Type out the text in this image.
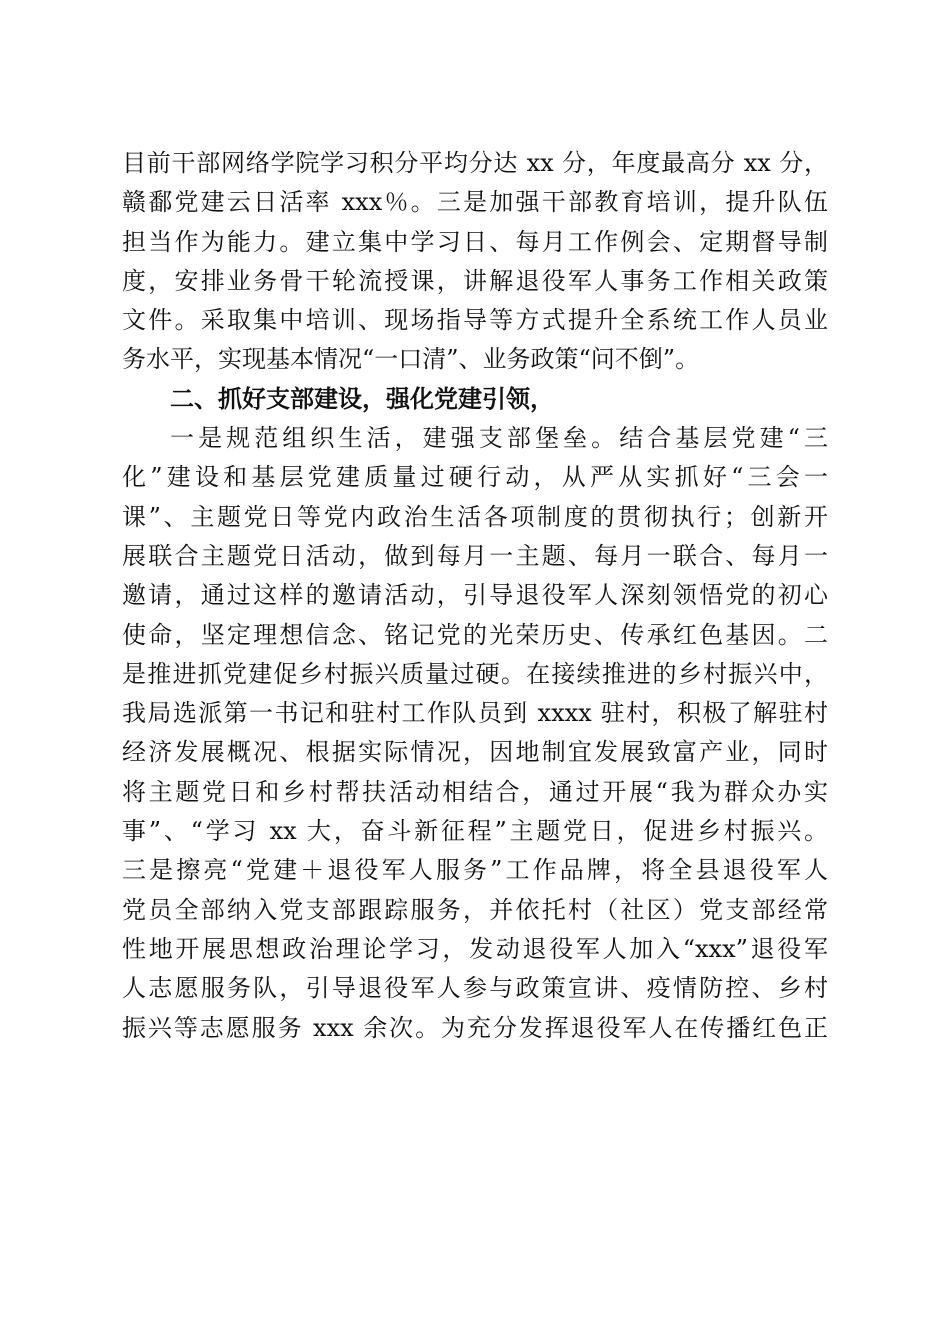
目前干部网络学院学习积分平均分达 xx 分，年度最高分 xx 分，
赣鄱党建云日活率 xxx％。三是加强干部教育培训，提升队伍
担当作为能力。建立集中学习日、每月工作例会、定期督导制
度，安排业务骨干轮流授课，讲解退役军人事务工作相关政策
文件。采取集中培训、现场指导等方式提升全系统工作人员业
务水平，实现基本情况“一口清”、业务政策“问不倒”。
二、抓好支部建设，强化党建引领，
一是规范组织生活，建强支部堡垒。结合基层党建“三
化”建设和基层党建质量过硬行动，从严从实抓好“三会一
课”、主题党日等党内政治生活各项制度的贯彻执行；创新开
展联合主题党日活动，做到每月一主题、每月一联合、每月一
邀请，通过这样的邀请活动，引导退役军人深刻领悟党的初心
使命，坚定理想信念、铭记党的光荣历史、传承红色基因。二
是推进抓党建促乡村振兴质量过硬。在接续推进的乡村振兴中，
我局选派第一书记和驻村工作队员到 xxxx 驻村，积极了解驻村
经济发展概况、根据实际情况，因地制宜发展致富产业，同时
将主题党日和乡村帮扶活动相结合，通过开展“我为群众办实
事”、“学习 xx 大，奋斗新征程”主题党日，促进乡村振兴。
三是擦亮“党建＋退役军人服务”工作品牌，将全县退役军人
党员全部纳入党支部跟踪服务，并依托村（社区）党支部经常
性地开展思想政治理论学习，发动退役军人加入“xxx”退役军
人志愿服务队，引导退役军人参与政策宣讲、疫情防控、乡村
振兴等志愿服务 xxx 余次。为充分发挥退役军人在传播红色正
